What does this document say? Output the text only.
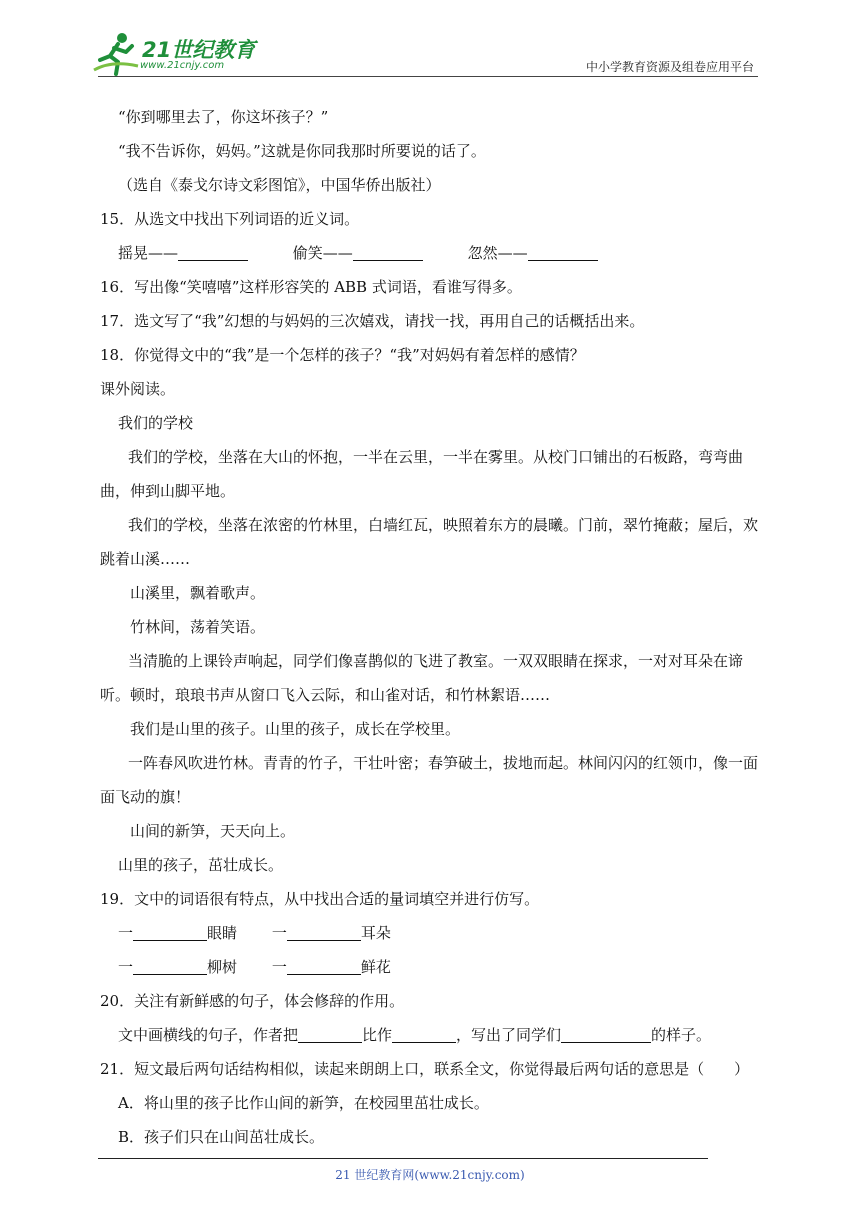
21世纪教育
www.21cnjy.com	中小学教育资源及组卷应用平台
“你到哪里去了，你这坏孩子？”
“我不告诉你，妈妈。”这就是你同我那时所要说的话了。
（选自《泰戈尔诗文彩图馆》，中国华侨出版社）
15．从选文中找出下列词语的近义词。
摇晃——	偷笑——	忽然——
16．写出像“笑嘻嘻”这样形容笑的 ABB 式词语，看谁写得多。
17．选文写了“我”幻想的与妈妈的三次嬉戏，请找一找，再用自己的话概括出来。
18．你觉得文中的“我”是一个怎样的孩子？“我”对妈妈有着怎样的感情？
课外阅读。
我们的学校
我们的学校，坐落在大山的怀抱，一半在云里，一半在雾里。从校门口铺出的石板路，弯弯曲曲，伸到山脚平地。
我们的学校，坐落在浓密的竹林里，白墙红瓦，映照着东方的晨曦。门前，翠竹掩蔽；屋后，欢跳着山溪……
山溪里，飘着歌声。
竹林间，荡着笑语。
当清脆的上课铃声响起，同学们像喜鹊似的飞进了教室。一双双眼睛在探求，一对对耳朵在谛听。顿时，琅琅书声从窗口飞入云际，和山雀对话，和竹林絮语……
我们是山里的孩子。山里的孩子，成长在学校里。
一阵春风吹进竹林。青青的竹子，干壮叶密；春笋破土，拔地而起。林间闪闪的红领巾，像一面面飞动的旗！
山间的新笋，天天向上。
山里的孩子，茁壮成长。
19．文中的词语很有特点，从中找出合适的量词填空并进行仿写。
一	眼睛 一	耳朵
一	柳树 一	鲜花
20．关注有新鲜感的句子，体会修辞的作用。
文中画横线的句子，作者把	比作	，写出了同学们	的样子。
21．短文最后两句话结构相似，读起来朗朗上口，联系全文，你觉得最后两句话的意思是（　　）
A．将山里的孩子比作山间的新笋，在校园里茁壮成长。
B．孩子们只在山间茁壮成长。
21 世纪教育网(www.21cnjy.com)
